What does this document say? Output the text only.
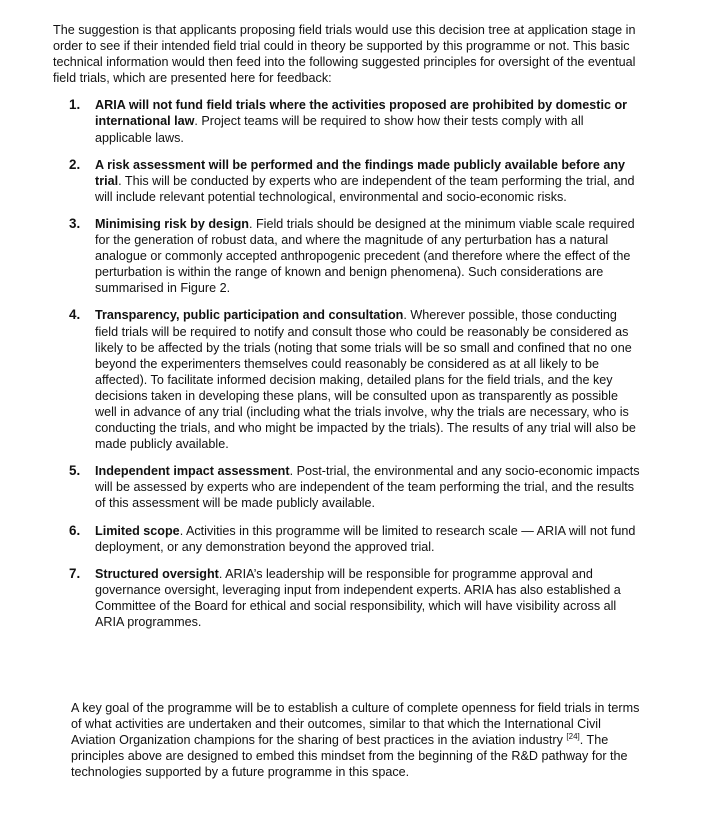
The suggestion is that applicants proposing field trials would use this decision tree at application stage in order to see if their intended field trial could in theory be supported by this programme or not. This basic technical information would then feed into the following suggested principles for oversight of the eventual field trials, which are presented here for feedback:

1. ARIA will not fund field trials where the activities proposed are prohibited by domestic or international law. Project teams will be required to show how their tests comply with all applicable laws.
2. A risk assessment will be performed and the findings made publicly available before any trial. This will be conducted by experts who are independent of the team performing the trial, and will include relevant potential technological, environmental and socio-economic risks.
3. Minimising risk by design. Field trials should be designed at the minimum viable scale required for the generation of robust data, and where the magnitude of any perturbation has a natural analogue or commonly accepted anthropogenic precedent (and therefore where the effect of the perturbation is within the range of known and benign phenomena). Such considerations are summarised in Figure 2.
4. Transparency, public participation and consultation. Wherever possible, those conducting field trials will be required to notify and consult those who could be reasonably be considered as likely to be affected by the trials (noting that some trials will be so small and confined that no one beyond the experimenters themselves could reasonably be considered as at all likely to be affected). To facilitate informed decision making, detailed plans for the field trials, and the key decisions taken in developing these plans, will be consulted upon as transparently as possible well in advance of any trial (including what the trials involve, why the trials are necessary, who is conducting the trials, and who might be impacted by the trials). The results of any trial will also be made publicly available.
5. Independent impact assessment. Post-trial, the environmental and any socio-economic impacts will be assessed by experts who are independent of the team performing the trial, and the results of this assessment will be made publicly available.
6. Limited scope. Activities in this programme will be limited to research scale — ARIA will not fund deployment, or any demonstration beyond the approved trial.
7. Structured oversight. ARIA’s leadership will be responsible for programme approval and governance oversight, leveraging input from independent experts. ARIA has also established a Committee of the Board for ethical and social responsibility, which will have visibility across all ARIA programmes.

A key goal of the programme will be to establish a culture of complete openness for field trials in terms of what activities are undertaken and their outcomes, similar to that which the International Civil Aviation Organization champions for the sharing of best practices in the aviation industry [24]. The principles above are designed to embed this mindset from the beginning of the R&D pathway for the technologies supported by a future programme in this space.
